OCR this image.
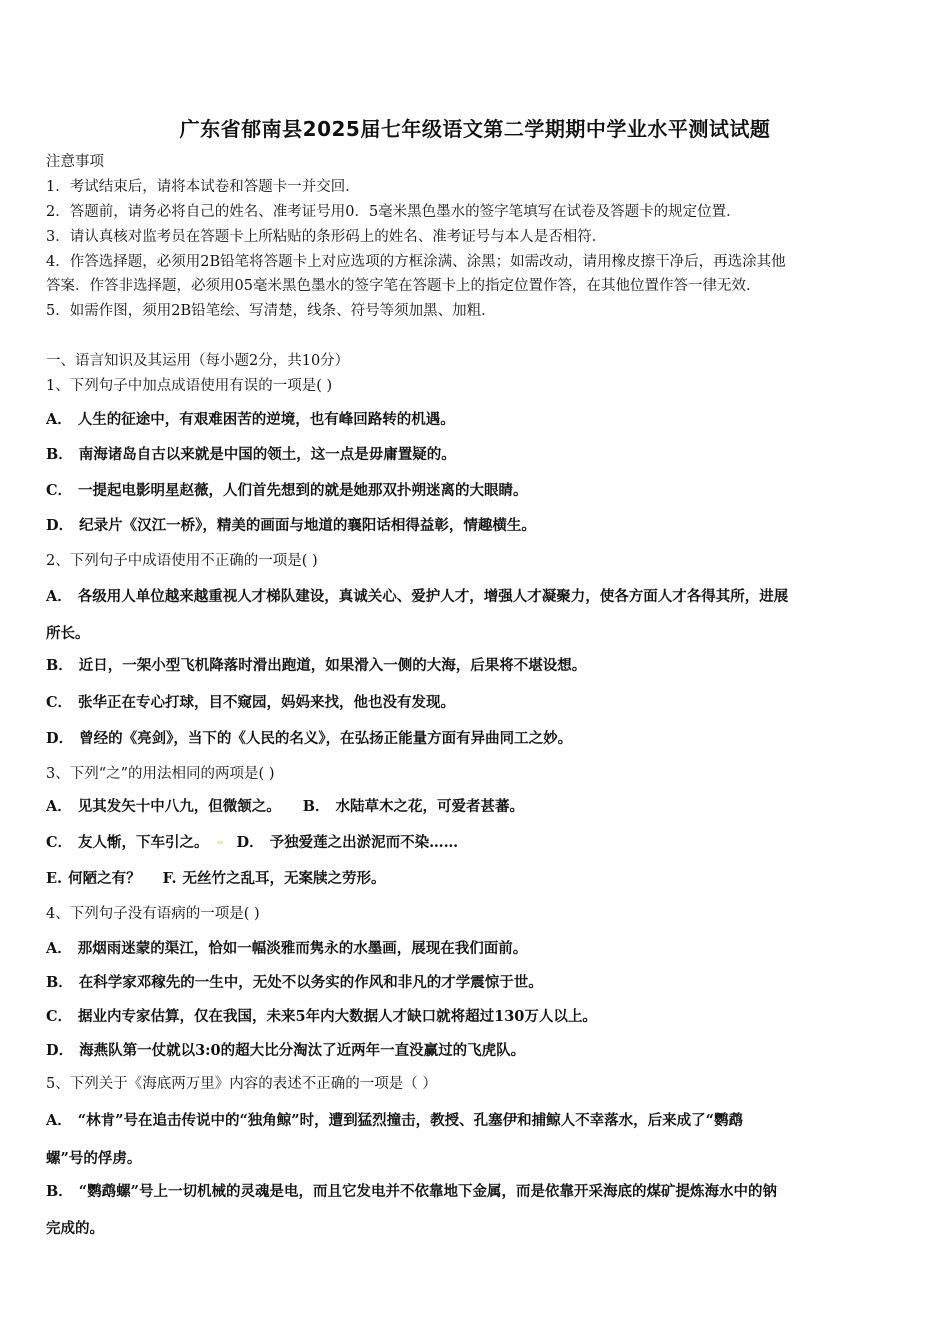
广东省郁南县2025届七年级语文第二学期期中学业水平测试试题
注意事项
1．考试结束后，请将本试卷和答题卡一并交回．
2．答题前，请务必将自己的姓名、准考证号用0．5毫米黑色墨水的签字笔填写在试卷及答题卡的规定位置．
3．请认真核对监考员在答题卡上所粘贴的条形码上的姓名、准考证号与本人是否相符．
4．作答选择题，必须用2B铅笔将答题卡上对应选项的方框涂满、涂黑；如需改动，请用橡皮擦干净后，再选涂其他
答案．作答非选择题，必须用05毫米黑色墨水的签字笔在答题卡上的指定位置作答，在其他位置作答一律无效．
5．如需作图，须用2B铅笔绘、写清楚，线条、符号等须加黑、加粗．
一、语言知识及其运用（每小题2分，共10分）
1、下列句子中加点成语使用有误的一项是( )
A． 人生的征途中，有艰难困苦的逆境，也有峰回路转的机遇。
B． 南海诸岛自古以来就是中国的领土，这一点是毋庸置疑的。
C． 一提起电影明星赵薇，人们首先想到的就是她那双扑朔迷离的大眼睛。
D． 纪录片《汉江一桥》，精美的画面与地道的襄阳话相得益彰，情趣横生。
2、下列句子中成语使用不正确的一项是( )
A． 各级用人单位越来越重视人才梯队建设，真诚关心、爱护人才，增强人才凝聚力，使各方面人才各得其所，进展
所长。
B． 近日，一架小型飞机降落时滑出跑道，如果滑入一侧的大海，后果将不堪设想。
C． 张华正在专心打球，目不窥园，妈妈来找，他也没有发现。
D． 曾经的《亮剑》，当下的《人民的名义》，在弘扬正能量方面有异曲同工之妙。
3、下列“之”的用法相同的两项是( )
A． 见其发矢十中八九，但微颔之。 B． 水陆草木之花，可爱者甚蕃。
C． 友人惭，下车引之。 D． 予独爱莲之出淤泥而不染……
E. 何陋之有？ F. 无丝竹之乱耳，无案牍之劳形。
4、下列句子没有语病的一项是( )
A． 那烟雨迷蒙的渠江，恰如一幅淡雅而隽永的水墨画，展现在我们面前。
B． 在科学家邓稼先的一生中，无处不以务实的作风和非凡的才学震惊于世。
C． 据业内专家估算，仅在我国，未来5年内大数据人才缺口就将超过130万人以上。
D． 海燕队第一仗就以3:0的超大比分淘汰了近两年一直没赢过的飞虎队。
5、下列关于《海底两万里》内容的表述不正确的一项是（ ）
A． “林肯”号在追击传说中的“独角鲸”时，遭到猛烈撞击，教授、孔塞伊和捕鲸人不幸落水，后来成了“鹦鹉
螺”号的俘虏。
B． “鹦鹉螺”号上一切机械的灵魂是电，而且它发电并不依靠地下金属，而是依靠开采海底的煤矿提炼海水中的钠
完成的。
